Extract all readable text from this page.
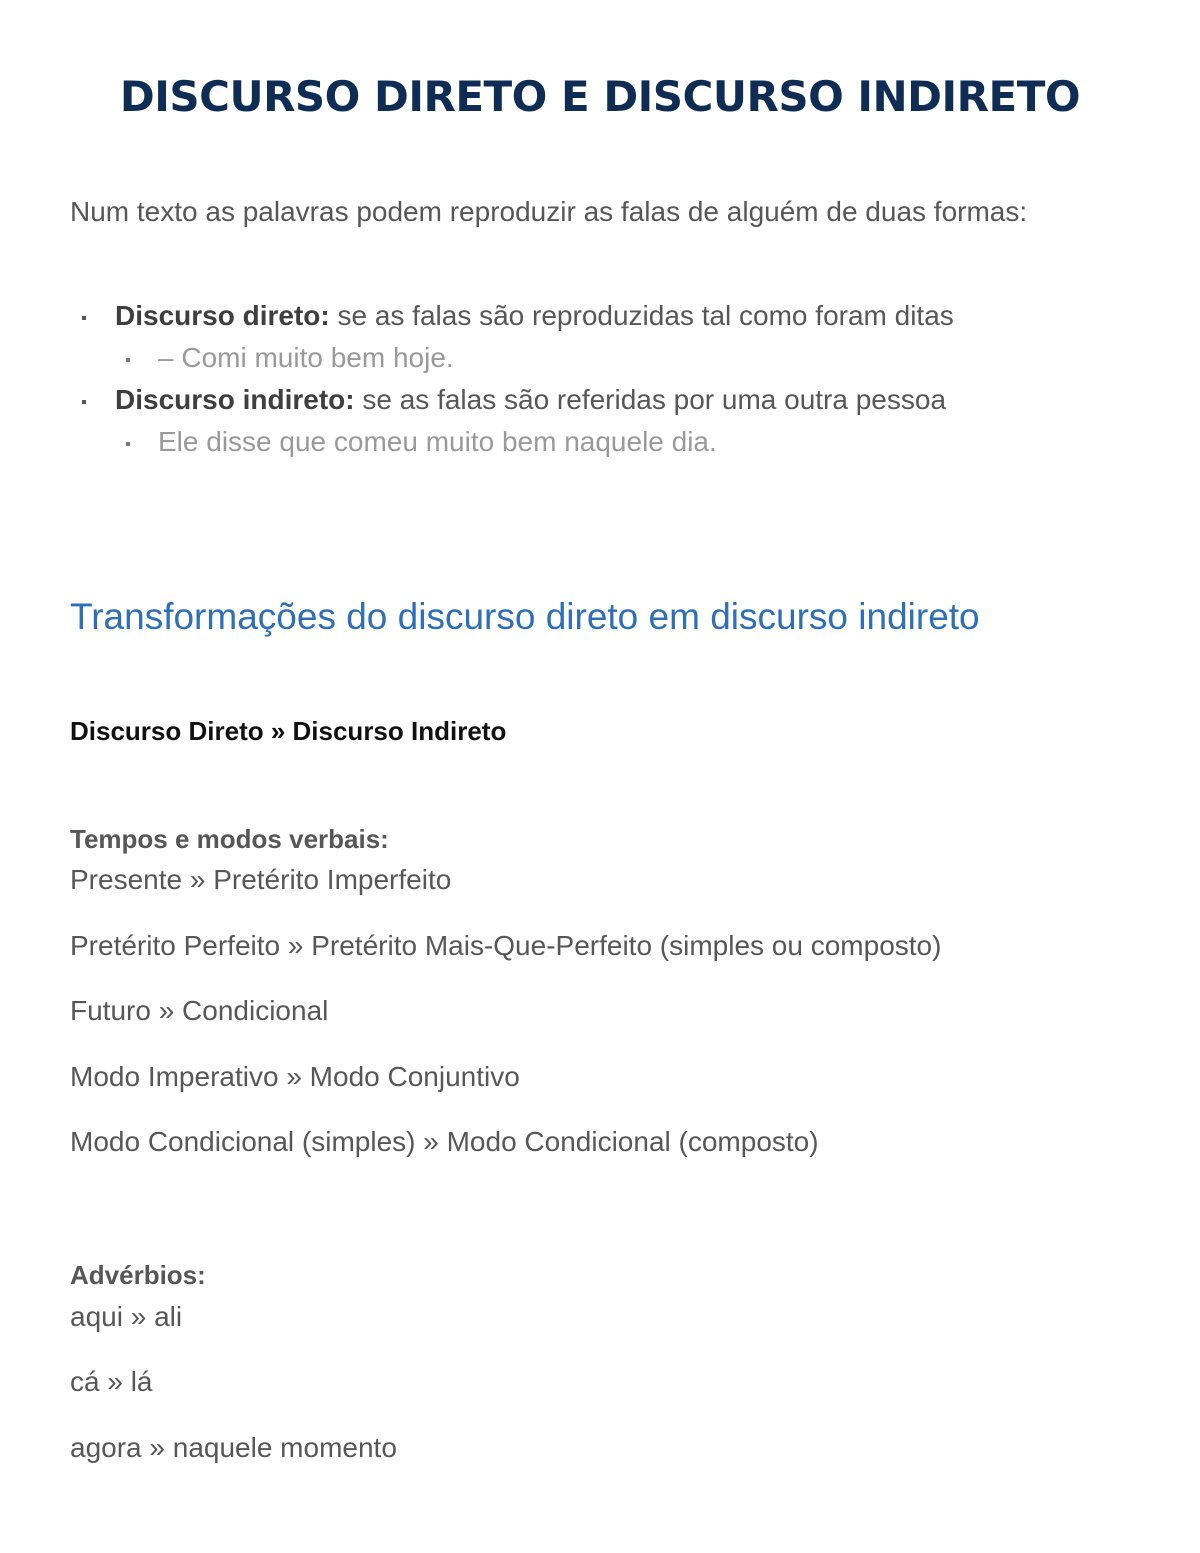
DISCURSO DIRETO E DISCURSO INDIRETO
Num texto as palavras podem reproduzir as falas de alguém de duas formas:
Discurso direto: se as falas são reproduzidas tal como foram ditas
– Comi muito bem hoje.
Discurso indireto: se as falas são referidas por uma outra pessoa
Ele disse que comeu muito bem naquele dia.
Transformações do discurso direto em discurso indireto
Discurso Direto » Discurso Indireto
Tempos e modos verbais:
Presente » Pretérito Imperfeito
Pretérito Perfeito » Pretérito Mais-Que-Perfeito (simples ou composto)
Futuro » Condicional
Modo Imperativo » Modo Conjuntivo
Modo Condicional (simples) » Modo Condicional (composto)
Advérbios:
aqui » ali
cá » lá
agora » naquele momento
